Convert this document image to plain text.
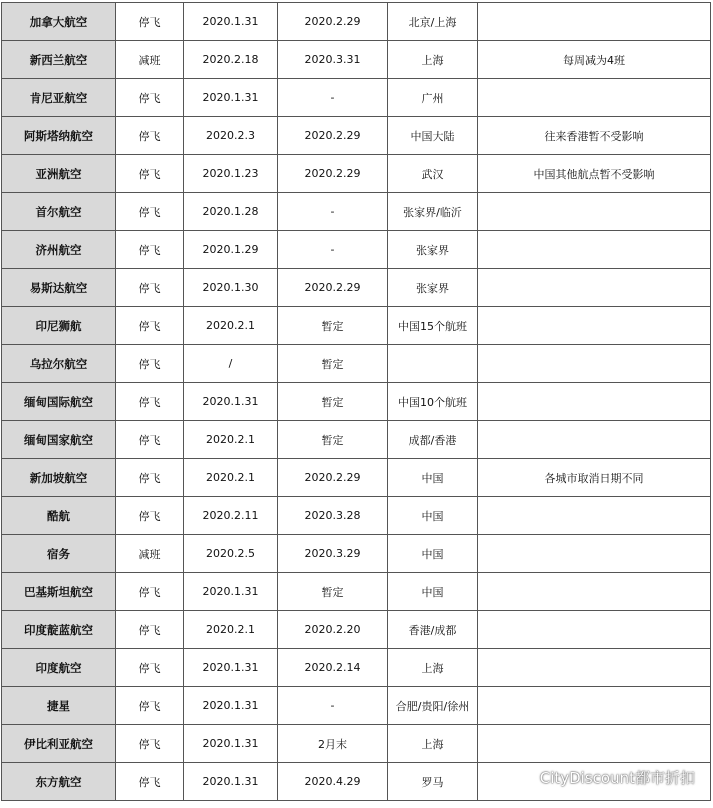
加拿大航空	停飞	2020.1.31	2020.2.29	北京/上海	
新西兰航空	减班	2020.2.18	2020.3.31	上海	每周减为4班
肯尼亚航空	停飞	2020.1.31	-	广州	
阿斯塔纳航空	停飞	2020.2.3	2020.2.29	中国大陆	往来香港暂不受影响
亚洲航空	停飞	2020.1.23	2020.2.29	武汉	中国其他航点暂不受影响
首尔航空	停飞	2020.1.28	-	张家界/临沂	
济州航空	停飞	2020.1.29	-	张家界	
易斯达航空	停飞	2020.1.30	2020.2.29	张家界	
印尼狮航	停飞	2020.2.1	暂定	中国15个航班	
乌拉尔航空	停飞	/	暂定		
缅甸国际航空	停飞	2020.1.31	暂定	中国10个航班	
缅甸国家航空	停飞	2020.2.1	暂定	成都/香港	
新加坡航空	停飞	2020.2.1	2020.2.29	中国	各城市取消日期不同
酷航	停飞	2020.2.11	2020.3.28	中国	
宿务	减班	2020.2.5	2020.3.29	中国	
巴基斯坦航空	停飞	2020.1.31	暂定	中国	
印度靛蓝航空	停飞	2020.2.1	2020.2.20	香港/成都	
印度航空	停飞	2020.1.31	2020.2.14	上海	
捷星	停飞	2020.1.31	-	合肥/贵阳/徐州	
伊比利亚航空	停飞	2020.1.31	2月末	上海	
东方航空	停飞	2020.1.31	2020.4.29	罗马		CityDiscount都市折扣
